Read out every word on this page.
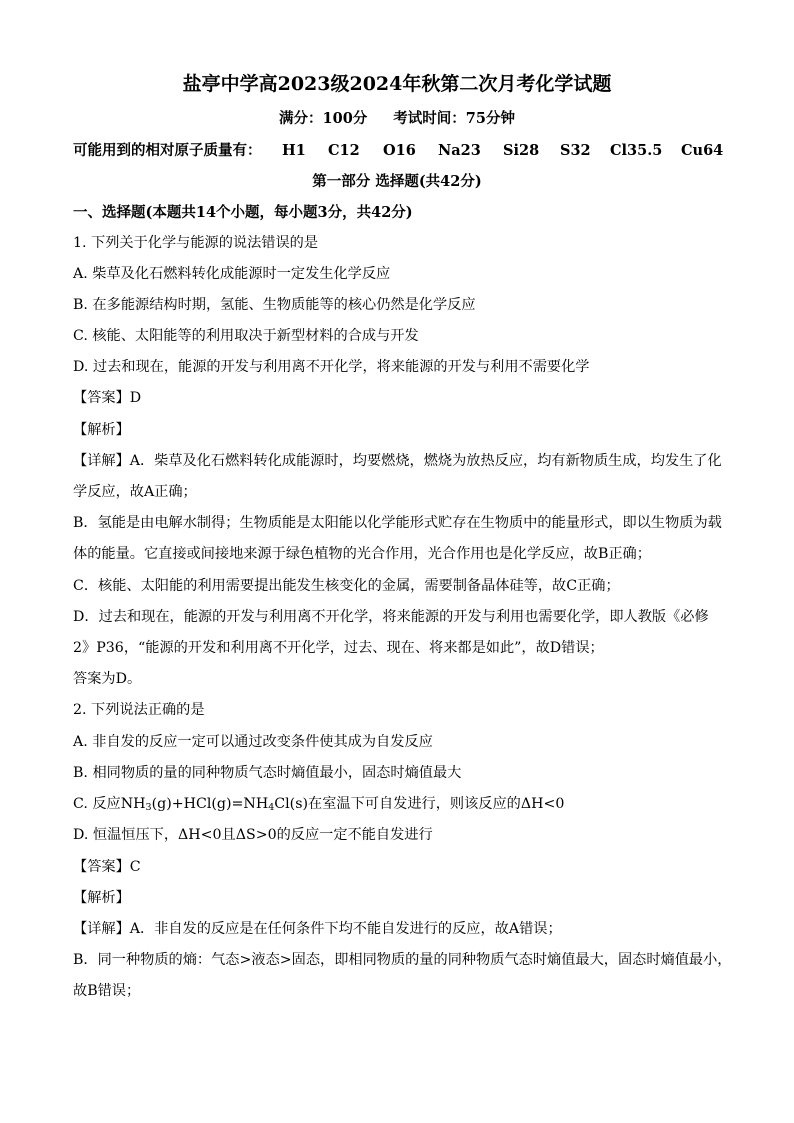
盐亭中学高2023级2024年秋第二次月考化学试题
满分：100分 考试时间：75分钟
可能用到的相对原子质量有： H1 C12 O16 Na23 Si28 S32 Cl35.5 Cu64
第一部分 选择题(共42分)
一、选择题(本题共14个小题，每小题3分，共42分)
1. 下列关于化学与能源的说法错误的是
A. 柴草及化石燃料转化成能源时一定发生化学反应
B. 在多能源结构时期，氢能、生物质能等的核心仍然是化学反应
C. 核能、太阳能等的利用取决于新型材料的合成与开发
D. 过去和现在，能源的开发与利用离不开化学，将来能源的开发与利用不需要化学
【答案】D
【解析】
【详解】A．柴草及化石燃料转化成能源时，均要燃烧，燃烧为放热反应，均有新物质生成，均发生了化
学反应，故A正确；
B．氢能是由电解水制得；生物质能是太阳能以化学能形式贮存在生物质中的能量形式，即以生物质为载
体的能量。它直接或间接地来源于绿色植物的光合作用，光合作用也是化学反应，故B正确；
C．核能、太阳能的利用需要提出能发生核变化的金属，需要制备晶体硅等，故C正确；
D．过去和现在，能源的开发与利用离不开化学，将来能源的开发与利用也需要化学，即人教版《必修
2》P36，“能源的开发和利用离不开化学，过去、现在、将来都是如此”，故D错误；
答案为D。
2. 下列说法正确的是
A. 非自发的反应一定可以通过改变条件使其成为自发反应
B. 相同物质的量的同种物质气态时熵值最小，固态时熵值最大
C. 反应$NH_3(g)+HCl(g)=NH_4Cl(s)$在室温下可自发进行，则该反应的ΔH<0
D. 恒温恒压下，ΔH<0且ΔS>0的反应一定不能自发进行
【答案】C
【解析】
【详解】A．非自发的反应是在任何条件下均不能自发进行的反应，故A错误；
B．同一种物质的熵：气态>液态>固态，即相同物质的量的同种物质气态时熵值最大，固态时熵值最小，
故B错误；
